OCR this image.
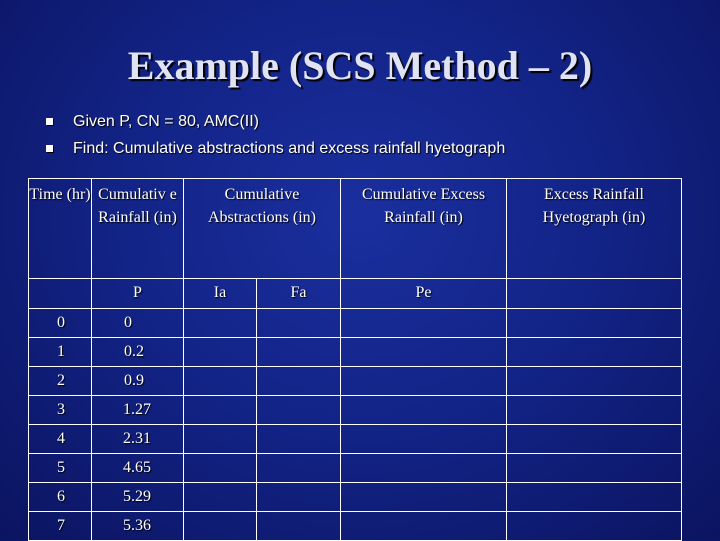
Example (SCS Method – 2)
Given P, CN = 80, AMC(II)
Find: Cumulative abstractions and excess rainfall hyetograph
Time (hr)	Cumulativ e Rainfall (in)	Cumulative Abstractions (in)		Cumulative Excess Rainfall (in)	Excess Rainfall Hyetograph (in)
	P	Ia	Fa	Pe	
0	0				
1	0.2				
2	0.9				
3	1.27				
4	2.31				
5	4.65				
6	5.29				
7	5.36				
